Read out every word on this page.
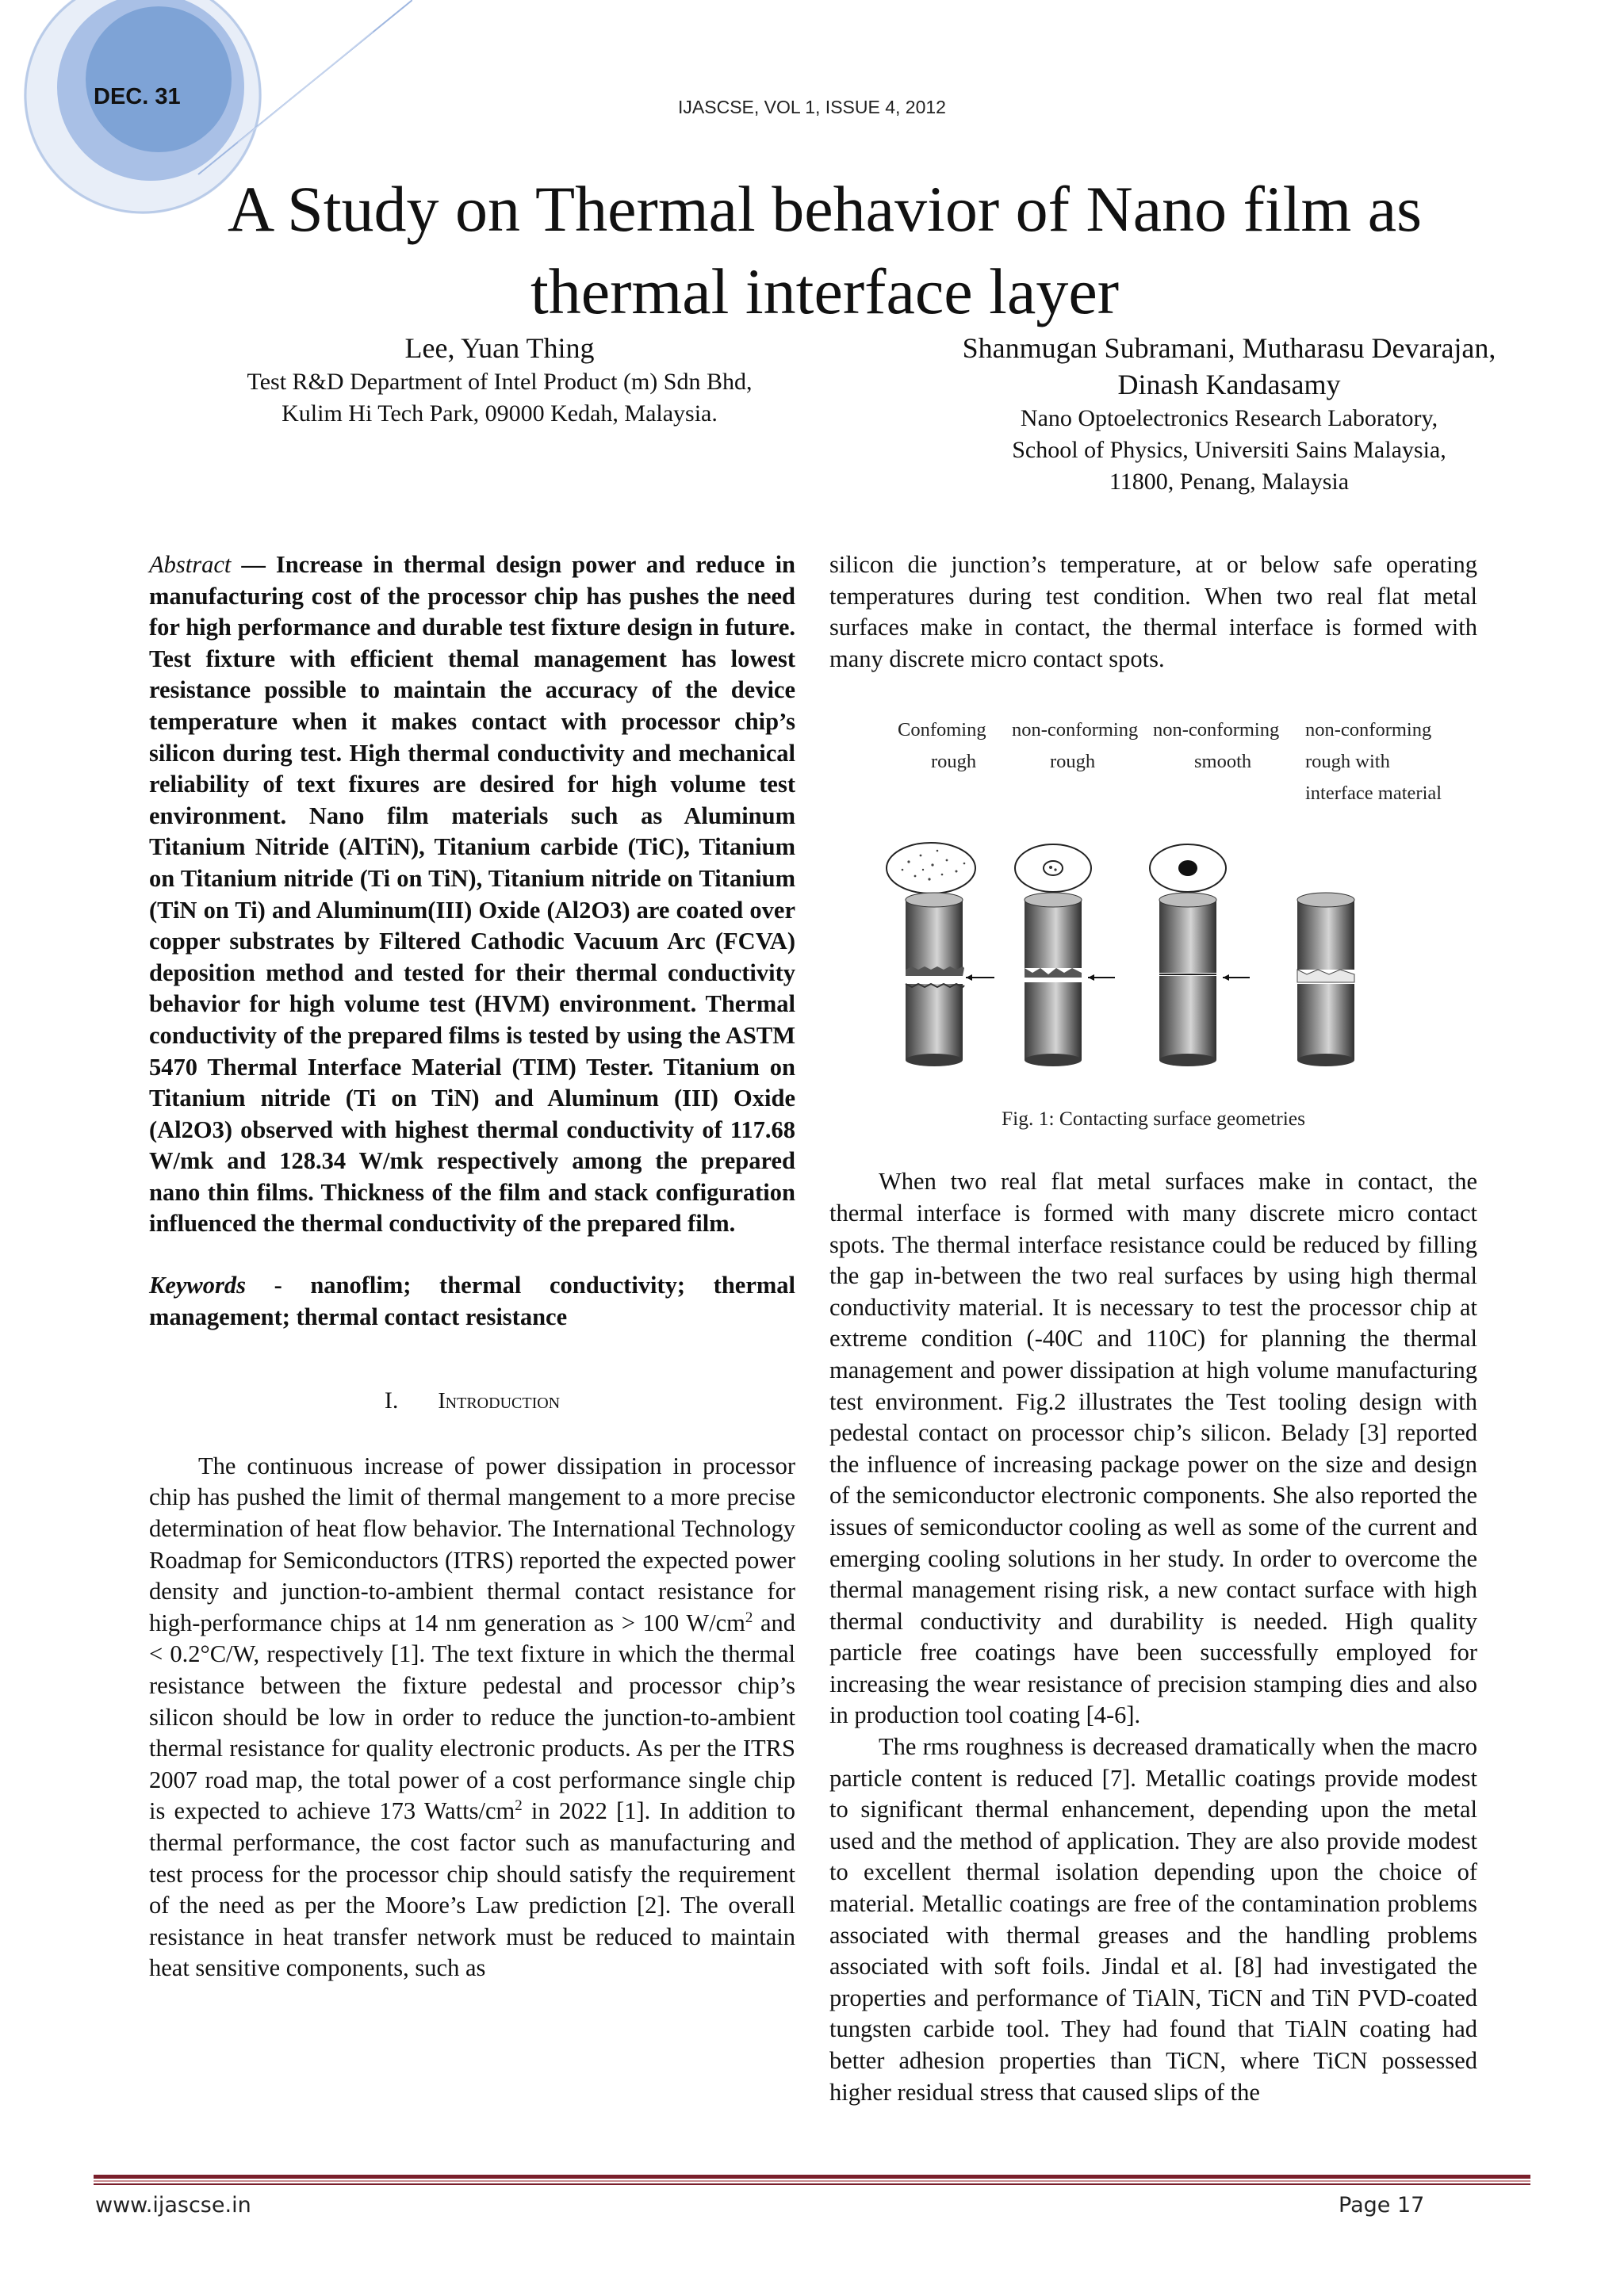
DEC. 31	IJASCSE, VOL 1, ISSUE 4, 2012
A Study on Thermal behavior of Nano film as
thermal interface layer
Lee, Yuan Thing
Test R&D Department of Intel Product (m) Sdn Bhd,
Kulim Hi Tech Park, 09000 Kedah, Malaysia.
Shanmugan Subramani, Mutharasu Devarajan,
Dinash Kandasamy
Nano Optoelectronics Research Laboratory,
School of Physics, Universiti Sains Malaysia,
11800, Penang, Malaysia

Abstract — Increase in thermal design power and reduce in manufacturing cost of the processor chip has pushes the need for high performance and durable test fixture design in future. Test fixture with efficient themal management has lowest resistance possible to maintain the accuracy of the device temperature when it makes contact with processor chip’s silicon during test. High thermal conductivity and mechanical reliability of text fixures are desired for high volume test environment. Nano film materials such as Aluminum Titanium Nitride (AlTiN), Titanium carbide (TiC), Titanium on Titanium nitride (Ti on TiN), Titanium nitride on Titanium (TiN on Ti) and Aluminum(III) Oxide (Al2O3) are coated over copper substrates by Filtered Cathodic Vacuum Arc (FCVA) deposition method and tested for their thermal conductivity behavior for high volume test (HVM) environment. Thermal conductivity of the prepared films is tested by using the ASTM 5470 Thermal Interface Material (TIM) Tester. Titanium on Titanium nitride (Ti on TiN) and Aluminum (III) Oxide (Al2O3) observed with highest thermal conductivity of 117.68 W/mk and 128.34 W/mk respectively among the prepared nano thin films. Thickness of the film and stack configuration influenced the thermal conductivity of the prepared film.

Keywords - nanoflim; thermal conductivity; thermal management; thermal contact resistance

I. Introduction

The continuous increase of power dissipation in processor chip has pushed the limit of thermal mangement to a more precise determination of heat flow behavior. The International Technology Roadmap for Semiconductors (ITRS) reported the expected power density and junction-to-ambient thermal contact resistance for high-performance chips at 14 nm generation as > 100 $W/cm^2$ and < 0.2°C/W, respectively [1]. The text fixture in which the thermal resistance between the fixture pedestal and processor chip’s silicon should be low in order to reduce the junction-to-ambient thermal resistance for quality electronic products. As per the ITRS 2007 road map, the total power of a cost performance single chip is expected to achieve 173 Watts/$cm^2$ in 2022 [1]. In addition to thermal performance, the cost factor such as manufacturing and test process for the processor chip should satisfy the requirement of the need as per the Moore’s Law prediction [2]. The overall resistance in heat transfer network must be reduced to maintain heat sensitive components, such as

silicon die junction’s temperature, at or below safe operating temperatures during test condition. When two real flat metal surfaces make in contact, the thermal interface is formed with many discrete micro contact spots.

Confoming
rough
non-conforming
rough
non-conforming
smooth
non-conforming
rough with
interface material
Fig. 1: Contacting surface geometries

When two real flat metal surfaces make in contact, the thermal interface is formed with many discrete micro contact spots. The thermal interface resistance could be reduced by filling the gap in-between the two real surfaces by using high thermal conductivity material. It is necessary to test the processor chip at extreme condition (-40C and 110C) for planning the thermal management and power dissipation at high volume manufacturing test environment. Fig.2 illustrates the Test tooling design with pedestal contact on processor chip’s silicon. Belady [3] reported the influence of increasing package power on the size and design of the semiconductor electronic components. She also reported the issues of semiconductor cooling as well as some of the current and emerging cooling solutions in her study. In order to overcome the thermal management rising risk, a new contact surface with high thermal conductivity and durability is needed. High quality particle free coatings have been successfully employed for increasing the wear resistance of precision stamping dies and also in production tool coating [4-6].

The rms roughness is decreased dramatically when the macro particle content is reduced [7]. Metallic coatings provide modest to significant thermal enhancement, depending upon the metal used and the method of application. They are also provide modest to excellent thermal isolation depending upon the choice of material. Metallic coatings are free of the contamination problems associated with thermal greases and the handling problems associated with soft foils. Jindal et al. [8] had investigated the properties and performance of TiAlN, TiCN and TiN PVD-coated tungsten carbide tool. They had found that TiAlN coating had better adhesion properties than TiCN, where TiCN possessed higher residual stress that caused slips of the

www.ijascse.in	Page 17
